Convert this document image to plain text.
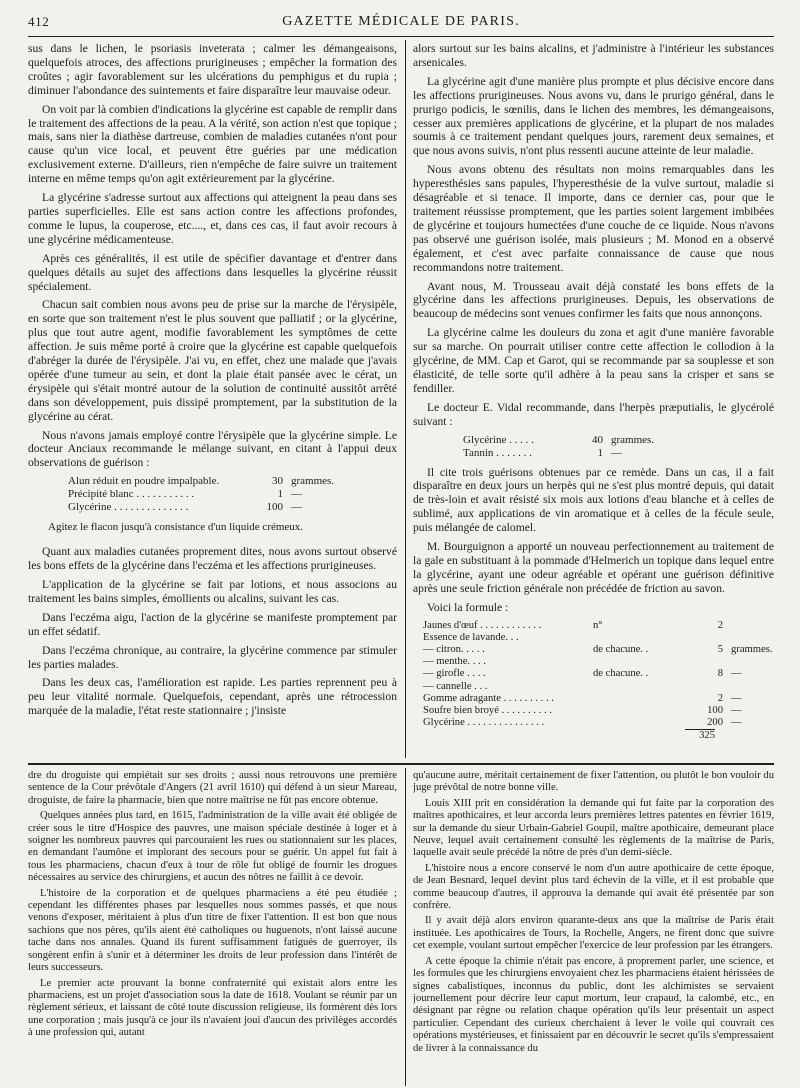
412	GAZETTE MÉDICALE DE PARIS.

sus dans le lichen, le psoriasis inveterata ; calmer les démangeaisons, quelquefois atroces, des affections prurigineuses ; empêcher la formation des croûtes ; agir favorablement sur les ulcérations du pemphigus et du rupia ; diminuer l'abondance des suintements et faire disparaître leur mauvaise odeur.

On voit par là combien d'indications la glycérine est capable de remplir dans le traitement des affections de la peau. A la vérité, son action n'est que topique ; mais, sans nier la diathèse dartreuse, combien de maladies cutanées n'ont pour cause qu'un vice local, et peuvent être guéries par une médication exclusivement externe. D'ailleurs, rien n'empêche de faire suivre un traitement interne en même temps qu'on agit extérieurement par la glycérine.

La glycérine s'adresse surtout aux affections qui atteignent la peau dans ses parties superficielles. Elle est sans action contre les affections profondes, comme le lupus, la couperose, etc...., et, dans ces cas, il faut avoir recours à une glycérine médicamenteuse.

Après ces généralités, il est utile de spécifier davantage et d'entrer dans quelques détails au sujet des affections dans lesquelles la glycérine réussit spécialement.

Chacun sait combien nous avons peu de prise sur la marche de l'érysipèle, en sorte que son traitement n'est le plus souvent que palliatif ; or la glycérine, plus que tout autre agent, modifie favorablement les symptômes de cette affection. Je suis même porté à croire que la glycérine est capable quelquefois d'abréger la durée de l'érysipèle. J'ai vu, en effet, chez une malade que j'avais opérée d'une tumeur au sein, et dont la plaie était pansée avec le cérat, un érysipèle qui s'était montré autour de la solution de continuité aussitôt arrêté dans son développement, puis dissipé promptement, par la substitution de la glycérine au cérat.

Nous n'avons jamais employé contre l'érysipèle que la glycérine simple. Le docteur Anciaux recommande le mélange suivant, en citant à l'appui deux observations de guérison :

Alun réduit en poudre impalpable.	30 grammes.
Précipité blanc . . . . . . . . . . .	1 —
Glycérine . . . . . . . . . . . . . .	100 —
Agitez le flacon jusqu'à consistance d'un liquide crémeux.

Quant aux maladies cutanées proprement dites, nous avons surtout observé les bons effets de la glycérine dans l'eczéma et les affections prurigineuses.

L'application de la glycérine se fait par lotions, et nous associons au traitement les bains simples, émollients ou alcalins, suivant les cas.

Dans l'eczéma aigu, l'action de la glycérine se manifeste promptement par un effet sédatif.

Dans l'eczéma chronique, au contraire, la glycérine commence par stimuler les parties malades.

Dans les deux cas, l'amélioration est rapide. Les parties reprennent peu à peu leur vitalité normale. Quelquefois, cependant, après une rétrocession marquée de la maladie, l'état reste stationnaire ; j'insiste

alors surtout sur les bains alcalins, et j'administre à l'intérieur les substances arsenicales.

La glycérine agit d'une manière plus prompte et plus décisive encore dans les affections prurigineuses. Nous avons vu, dans le prurigo général, dans le prurigo podicis, le sœnilis, dans le lichen des membres, les démangeaisons, cesser aux premières applications de glycérine, et la plupart de nos malades soumis à ce traitement pendant quelques jours, rarement deux semaines, et que nous avons suivis, n'ont plus ressenti aucune atteinte de leur maladie.

Nous avons obtenu des résultats non moins remarquables dans les hyperesthésies sans papules, l'hyperesthésie de la vulve surtout, maladie si désagréable et si tenace. Il importe, dans ce dernier cas, pour que le traitement réussisse promptement, que les parties soient largement imbibées de glycérine et toujours humectées d'une couche de ce liquide. Nous n'avons pas observé une guérison isolée, mais plusieurs ; M. Monod en a observé également, et c'est avec parfaite connaissance de cause que nous recommandons notre traitement.

Avant nous, M. Trousseau avait déjà constaté les bons effets de la glycérine dans les affections prurigineuses. Depuis, les observations de beaucoup de médecins sont venues confirmer les faits que nous annonçons.

La glycérine calme les douleurs du zona et agit d'une manière favorable sur sa marche. On pourrait utiliser contre cette affection le collodion à la glycérine, de MM. Cap et Garot, qui se recommande par sa souplesse et son élasticité, de telle sorte qu'il adhère à la peau sans la crisper et sans se fendiller.

Le docteur E. Vidal recommande, dans l'herpès præputialis, le glycérolé suivant :

Glycérine . . . . .	40 grammes.
Tannin . . . . . . .	1 —

Il cite trois guérisons obtenues par ce remède. Dans un cas, il a fait disparaître en deux jours un herpès qui ne s'est plus montré depuis, qui datait de très-loin et avait résisté six mois aux lotions d'eau blanche et à celles de sublimé, aux applications de vin aromatique et à celles de la fécule seule, puis mélangée de calomel.

M. Bourguignon a apporté un nouveau perfectionnement au traitement de la gale en substituant à la pommade d'Helmerich un topique dans lequel entre la glycérine, ayant une odeur agréable et opérant une guérison définitive après une seule friction générale non précédée de friction au savon.

Voici la formule :

Jaunes d'œuf . . . . . . . . . . . .	n°	2
Essence de lavande. . .
— citron. . . . .	de chacune. .	5 grammes.
— menthe. . . .
— girofle . . . .	de chacune. .	8 —
— cannelle . . .
Gomme adragante . . . . . . . . . .	2 —
Soufre bien broyé . . . . . . . . . .	100 —
Glycérine . . . . . . . . . . . . . . .	200 —
325

dre du droguiste qui empiétait sur ses droits ; aussi nous retrouvons une première sentence de la Cour prévôtale d'Angers (21 avril 1610) qui défend à un sieur Mareau, droguiste, de faire la pharmacie, bien que notre maîtrise ne fût pas encore obtenue.

Quelques années plus tard, en 1615, l'administration de la ville avait été obligée de créer sous le titre d'Hospice des pauvres, une maison spéciale destinée à loger et à soigner les nombreux pauvres qui parcouraient les rues ou stationnaient sur les places, en demandant l'aumône et implorant des secours pour se guérir. Un appel fut fait à tous les pharmaciens, chacun d'eux à tour de rôle fut obligé de fournir les drogues nécessaires au service des chirurgiens, et aucun des nôtres ne faillit à ce devoir.

L'histoire de la corporation et de quelques pharmaciens a été peu étudiée ; cependant les différentes phases par lesquelles nous sommes passés, et que nous venons d'exposer, méritaient à plus d'un titre de fixer l'attention. Il est bon que nous sachions que nos pères, qu'ils aient été catholiques ou huguenots, n'ont laissé aucune tache dans nos annales. Quand ils furent suffisamment fatigués de guerroyer, ils songèrent enfin à s'unir et à déterminer les droits de leur profession dans l'intérêt de leurs successeurs.

Le premier acte prouvant la bonne confraternité qui existait alors entre les pharmaciens, est un projet d'association sous la date de 1618. Voulant se réunir par un règlement sérieux, et laissant de côté toute discussion religieuse, ils formèrent dès lors une corporation ; mais jusqu'à ce jour ils n'avaient joui d'aucun des privilèges accordés à une profession qui, autant

qu'aucune autre, méritait certainement de fixer l'attention, ou plutôt le bon vouloir du juge prévôtal de notre bonne ville.

Louis XIII prit en considération la demande qui fut faite par la corporation des maîtres apothicaires, et leur accorda leurs premières lettres patentes en février 1619, sur la demande du sieur Urbain-Gabriel Goupil, maître apothicaire, demeurant place Neuve, lequel avait certainement consulté les règlements de la maîtrise de Paris, laquelle avait seule précédé la nôtre de près d'un demi-siècle.

L'histoire nous a encore conservé le nom d'un autre apothicaire de cette époque, de Jean Besnard, lequel devint plus tard échevin de la ville, et il est probable que comme beaucoup d'autres, il approuva la demande qui avait été présentée par son confrère.

Il y avait déjà alors environ quarante-deux ans que la maîtrise de Paris était instituée. Les apothicaires de Tours, la Rochelle, Angers, ne firent donc que suivre cet exemple, voulant surtout empêcher l'exercice de leur profession par les étrangers.

A cette époque la chimie n'était pas encore, à proprement parler, une science, et les formules que les chirurgiens envoyaient chez les pharmaciens étaient hérissées de signes cabalistiques, inconnus du public, dont les alchimistes se servaient journellement pour décrire leur caput mortum, leur crapaud, la calombé, etc., en désignant par règne ou relation chaque opération qu'ils leur présentait un aspect particulier. Cependant des curieux cherchaient à lever le voile qui couvrait ces opérations mystérieuses, et finissaient par en découvrir le secret qu'ils s'empressaient de livrer à la connaissance du
